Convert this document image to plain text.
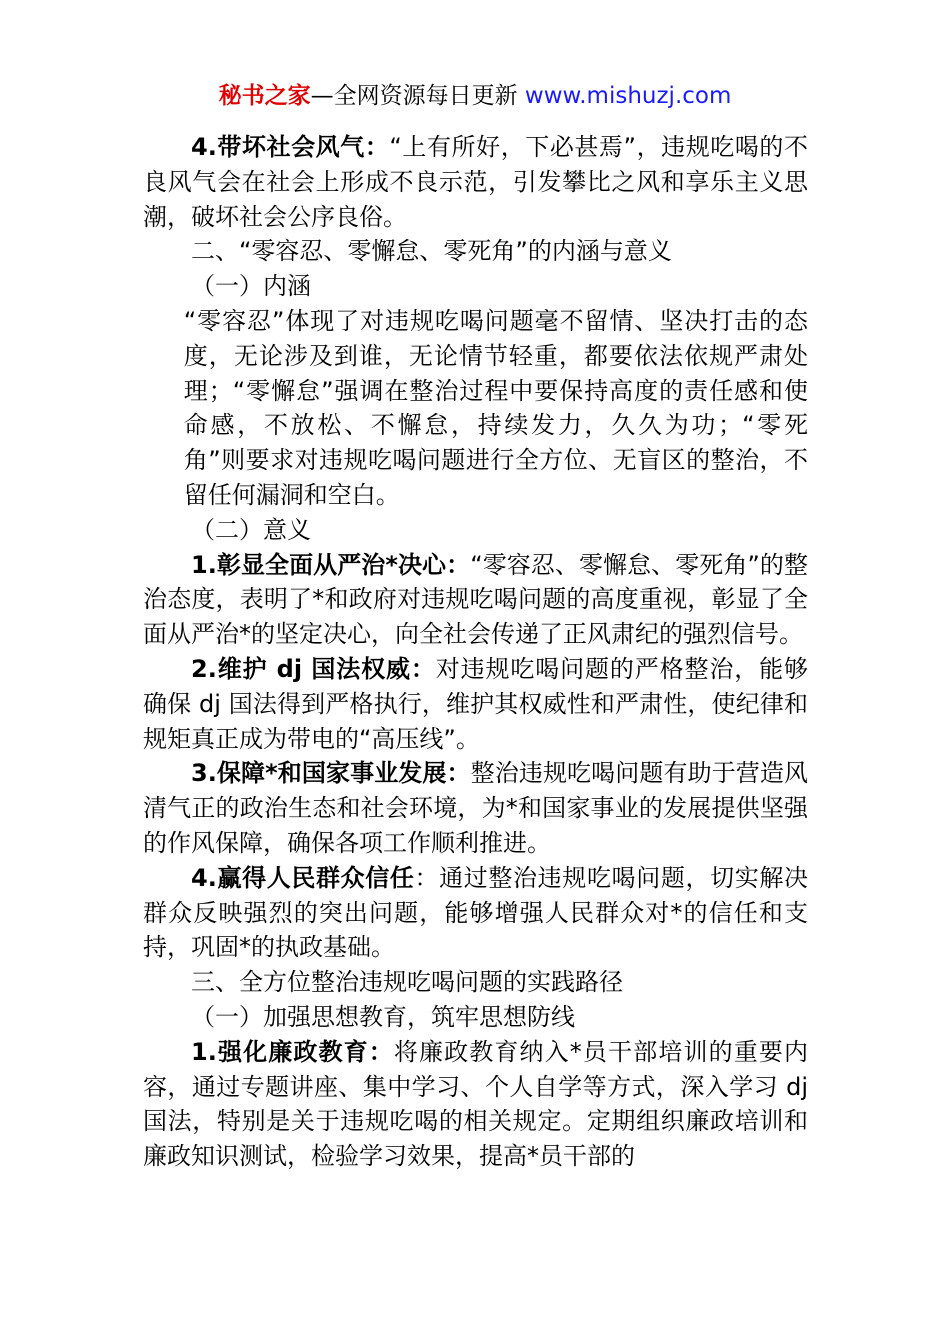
秘书之家—全网资源每日更新 www.mishuzj.com

4.带坏社会风气：“上有所好，下必甚焉”，违规吃喝的不良风气会在社会上形成不良示范，引发攀比之风和享乐主义思潮，破坏社会公序良俗。

二、“零容忍、零懈怠、零死角”的内涵与意义

（一）内涵

“零容忍”体现了对违规吃喝问题毫不留情、坚决打击的态度，无论涉及到谁，无论情节轻重，都要依法依规严肃处理；“零懈怠”强调在整治过程中要保持高度的责任感和使命感，不放松、不懈怠，持续发力，久久为功；“零死角”则要求对违规吃喝问题进行全方位、无盲区的整治，不留任何漏洞和空白。

（二）意义

1.彰显全面从严治*决心：“零容忍、零懈怠、零死角”的整治态度，表明了*和政府对违规吃喝问题的高度重视，彰显了全面从严治*的坚定决心，向全社会传递了正风肃纪的强烈信号。

2.维护 dj 国法权威：对违规吃喝问题的严格整治，能够确保 dj 国法得到严格执行，维护其权威性和严肃性，使纪律和规矩真正成为带电的“高压线”。

3.保障*和国家事业发展：整治违规吃喝问题有助于营造风清气正的政治生态和社会环境，为*和国家事业的发展提供坚强的作风保障，确保各项工作顺利推进。

4.赢得人民群众信任：通过整治违规吃喝问题，切实解决群众反映强烈的突出问题，能够增强人民群众对*的信任和支持，巩固*的执政基础。

三、全方位整治违规吃喝问题的实践路径

（一）加强思想教育，筑牢思想防线

1.强化廉政教育：将廉政教育纳入*员干部培训的重要内容，通过专题讲座、集中学习、个人自学等方式，深入学习 dj 国法，特别是关于违规吃喝的相关规定。定期组织廉政培训和廉政知识测试，检验学习效果，提高*员干部的
